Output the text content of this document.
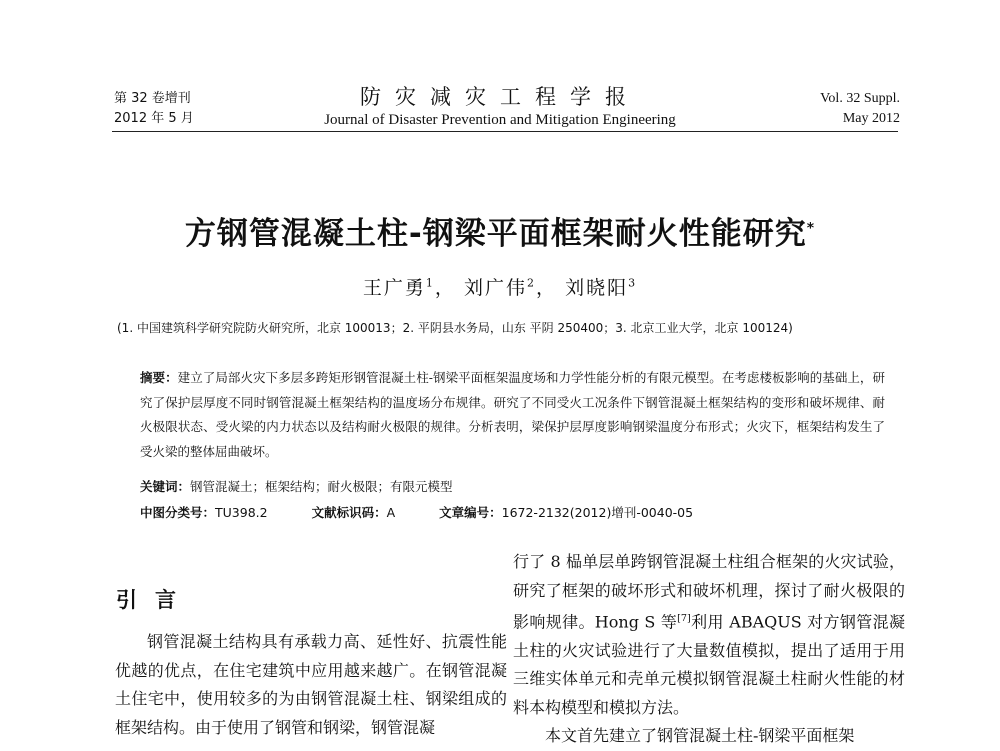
第 32 卷增刊
2012 年 5 月
防灾减灾工程学报
Journal of Disaster Prevention and Mitigation Engineering
Vol. 32 Suppl.
May 2012
方钢管混凝土柱-钢梁平面框架耐火性能研究*
王广勇$^1$， 刘广伟$^2$， 刘晓阳$^3$
(1. 中国建筑科学研究院防火研究所，北京 100013；2. 平阴县水务局，山东 平阴 250400；3. 北京工业大学，北京 100124)
摘要：建立了局部火灾下多层多跨矩形钢管混凝土柱-钢梁平面框架温度场和力学性能分析的有限元模型。在考虑楼板影响的基础上，研究了保护层厚度不同时钢管混凝土框架结构的温度场分布规律。研究了不同受火工况条件下钢管混凝土框架结构的变形和破坏规律、耐火极限状态、受火梁的内力状态以及结构耐火极限的规律。分析表明，梁保护层厚度影响钢梁温度分布形式；火灾下，框架结构发生了受火梁的整体屈曲破坏。
关键词：钢管混凝土；框架结构；耐火极限；有限元模型
中图分类号：TU398.2	文献标识码：A	文章编号：1672-2132(2012)增刊-0040-05
引言

钢管混凝土结构具有承载力高、延性好、抗震性能优越的优点，在住宅建筑中应用越来越广。在钢管混凝土住宅中，使用较多的为由钢管混凝土柱、钢梁组成的框架结构。由于使用了钢管和钢梁，钢管混凝

行了 8 榀单层单跨钢管混凝土柱组合框架的火灾试验，研究了框架的破坏形式和破坏机理，探讨了耐火极限的影响规律。Hong S 等[7]利用 ABAQUS 对方钢管混凝土柱的火灾试验进行了大量数值模拟，提出了适用于用三维实体单元和壳单元模拟钢管混凝土柱耐火性能的材料本构模型和模拟方法。

本文首先建立了钢管混凝土柱-钢梁平面框架
